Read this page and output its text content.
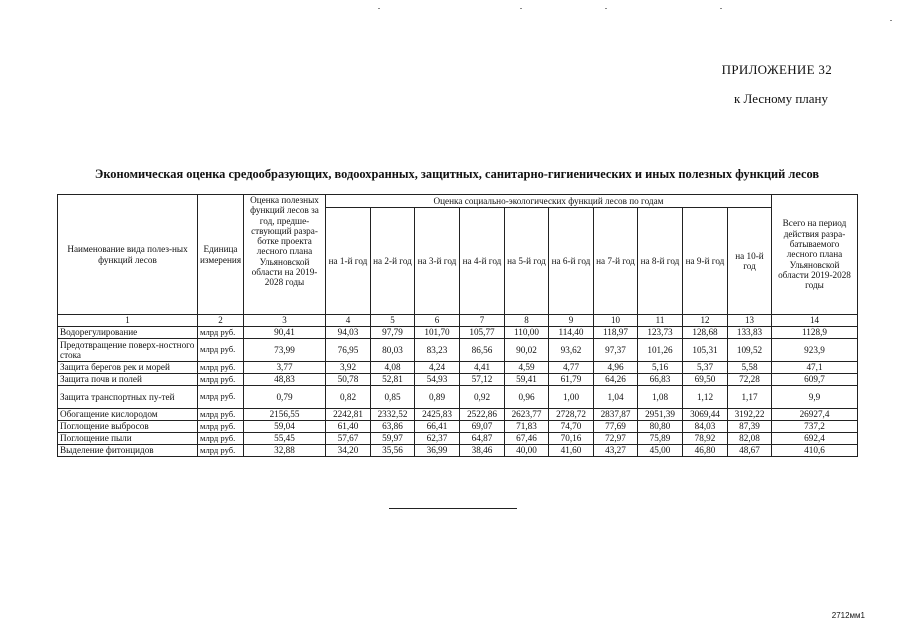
ПРИЛОЖЕНИЕ 32
к Лесному плану
Экономическая оценка средообразующих, водоохранных, защитных, санитарно-гигиенических и иных полезных функций лесов
Наименование вида полез-ных функций лесов	Единица измерения	Оценка полезных функций лесов за год, предше-ствующий разра-ботке проекта лесного плана Ульяновской области на 2019-2028 годы	Оценка социально-экологических функций лесов по годам										Всего на период действия разра-батываемого лесного плана Ульяновской области 2019-2028 годы
			на 1-й год	на 2-й год	на 3-й год	на 4-й год	на 5-й год	на 6-й год	на 7-й год	на 8-й год	на 9-й год	на 10-й год	
1	2	3	4	5	6	7	8	9	10	11	12	13	14
Водорегулирование	млрд руб.	90,41	94,03	97,79	101,70	105,77	110,00	114,40	118,97	123,73	128,68	133,83	1128,9
Предотвращение поверх-ностного стока	млрд руб.	73,99	76,95	80,03	83,23	86,56	90,02	93,62	97,37	101,26	105,31	109,52	923,9
Защита берегов рек и морей	млрд руб.	3,77	3,92	4,08	4,24	4,41	4,59	4,77	4,96	5,16	5,37	5,58	47,1
Защита почв и полей	млрд руб.	48,83	50,78	52,81	54,93	57,12	59,41	61,79	64,26	66,83	69,50	72,28	609,7
Защита транспортных пу-тей	млрд руб.	0,79	0,82	0,85	0,89	0,92	0,96	1,00	1,04	1,08	1,12	1,17	9,9
Обогащение кислородом	млрд руб.	2156,55	2242,81	2332,52	2425,83	2522,86	2623,77	2728,72	2837,87	2951,39	3069,44	3192,22	26927,4
Поглощение выбросов	млрд руб.	59,04	61,40	63,86	66,41	69,07	71,83	74,70	77,69	80,80	84,03	87,39	737,2
Поглощение пыли	млрд руб.	55,45	57,67	59,97	62,37	64,87	67,46	70,16	72,97	75,89	78,92	82,08	692,4
Выделение фитонцидов	млрд руб.	32,88	34,20	35,56	36,99	38,46	40,00	41,60	43,27	45,00	46,80	48,67	410,6
2712мм1
